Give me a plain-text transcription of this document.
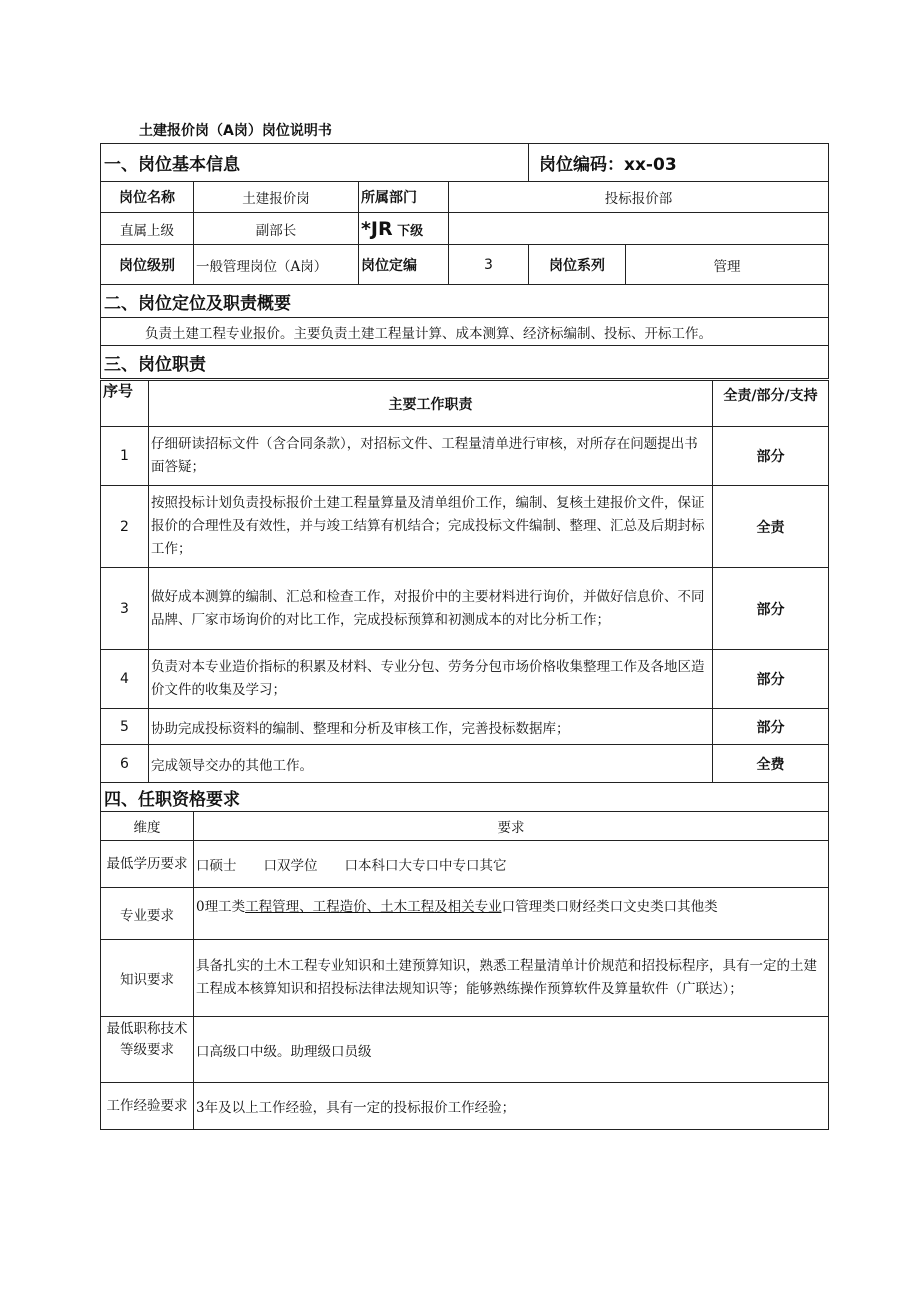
土建报价岗（A岗）岗位说明书
一、岗位基本信息				岗位编码：xx-03	
岗位名称	土建报价岗	所属部门	投标报价部		
直属上级	副部长	*JR 下级			
岗位级别	一般管理岗位（A岗）	岗位定编	3	岗位系列	管理
二、岗位定位及职责概要					
负责土建工程专业报价。主要负责土建工程量计算、成本测算、经济标编制、投标、开标工作。					
三、岗位职责					
序号	主要工作职责	全责/部分/支持
1	仔细研读招标文件（含合同条款），对招标文件、工程量清单进行审核，对所存在问题提出书面答疑；	部分
2	按照投标计划负责投标报价土建工程量算量及清单组价工作，编制、复核土建报价文件，保证报价的合理性及有效性，并与竣工结算有机结合；完成投标文件编制、整理、汇总及后期封标工作；	全责
3	做好成本测算的编制、汇总和检查工作，对报价中的主要材料进行询价，并做好信息价、不同品牌、厂家市场询价的对比工作，完成投标预算和初测成本的对比分析工作；	部分
4	负责对本专业造价指标的积累及材料、专业分包、劳务分包市场价格收集整理工作及各地区造价文件的收集及学习；	部分
5	协助完成投标资料的编制、整理和分析及审核工作，完善投标数据库；	部分
6	完成领导交办的其他工作。	全费
四、任职资格要求	
维度	要求
最低学历要求	口硕士　　口双学位　　口本科口大专口中专口其它
专业要求	0理工类工程管理、工程造价、土木工程及相关专业口管理类口财经类口文史类口其他类
知识要求	具备扎实的土木工程专业知识和土建预算知识，熟悉工程量清单计价规范和招投标程序，具有一定的土建工程成本核算知识和招投标法律法规知识等；能够熟练操作预算软件及算量软件（广联达）；
最低职称技术等级要求	口高级口中级。助理级口员级
工作经验要求	3年及以上工作经验，具有一定的投标报价工作经验；
